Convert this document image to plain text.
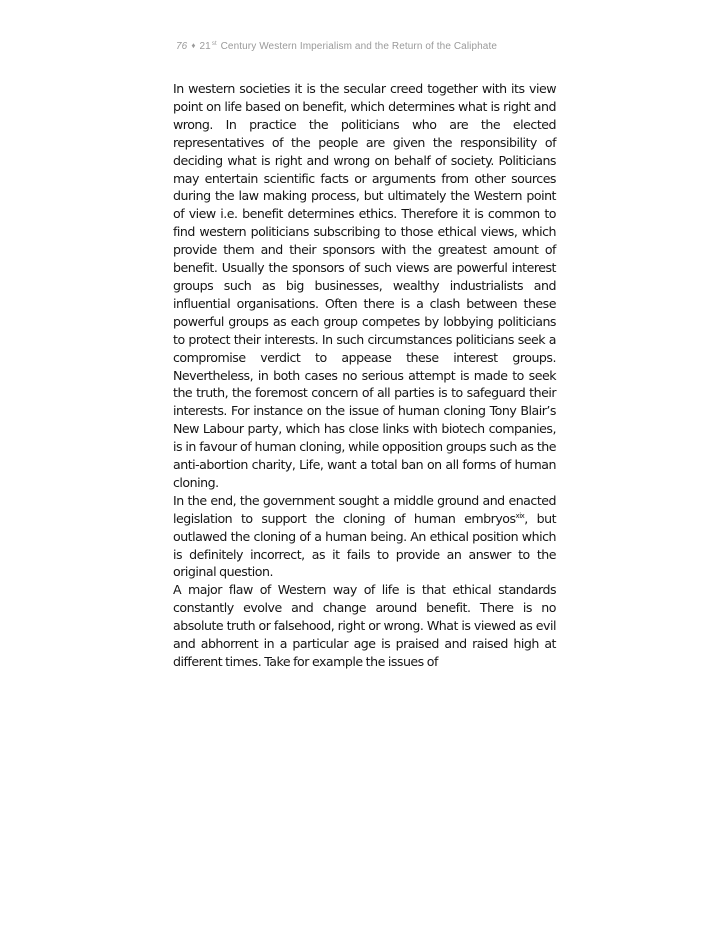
76 ♦ 21st Century Western Imperialism and the Return of the Caliphate

In western societies it is the secular creed together with its view point on life based on benefit, which determines what is right and wrong. In practice the politicians who are the elected representatives of the people are given the responsibility of deciding what is right and wrong on behalf of society. Politicians may entertain scientific facts or arguments from other sources during the law making process, but ultimately the Western point of view i.e. benefit determines ethics. Therefore it is common to find western politicians subscribing to those ethical views, which provide them and their sponsors with the greatest amount of benefit. Usually the sponsors of such views are powerful interest groups such as big businesses, wealthy industrialists and influential organisations. Often there is a clash between these powerful groups as each group competes by lobbying politicians to protect their interests. In such circumstances politicians seek a compromise verdict to appease these interest groups. Nevertheless, in both cases no serious attempt is made to seek the truth, the foremost concern of all parties is to safeguard their interests. For instance on the issue of human cloning Tony Blair’s New Labour party, which has close links with biotech companies, is in favour of human cloning, while opposition groups such as the anti-abortion charity, Life, want a total ban on all forms of human cloning.

In the end, the government sought a middle ground and enacted legislation to support the cloning of human embryos$^{xix}$, but outlawed the cloning of a human being. An ethical position which is definitely incorrect, as it fails to provide an answer to the original question.

A major flaw of Western way of life is that ethical standards constantly evolve and change around benefit. There is no absolute truth or falsehood, right or wrong. What is viewed as evil and abhorrent in a particular age is praised and raised high at different times. Take for example the issues of
